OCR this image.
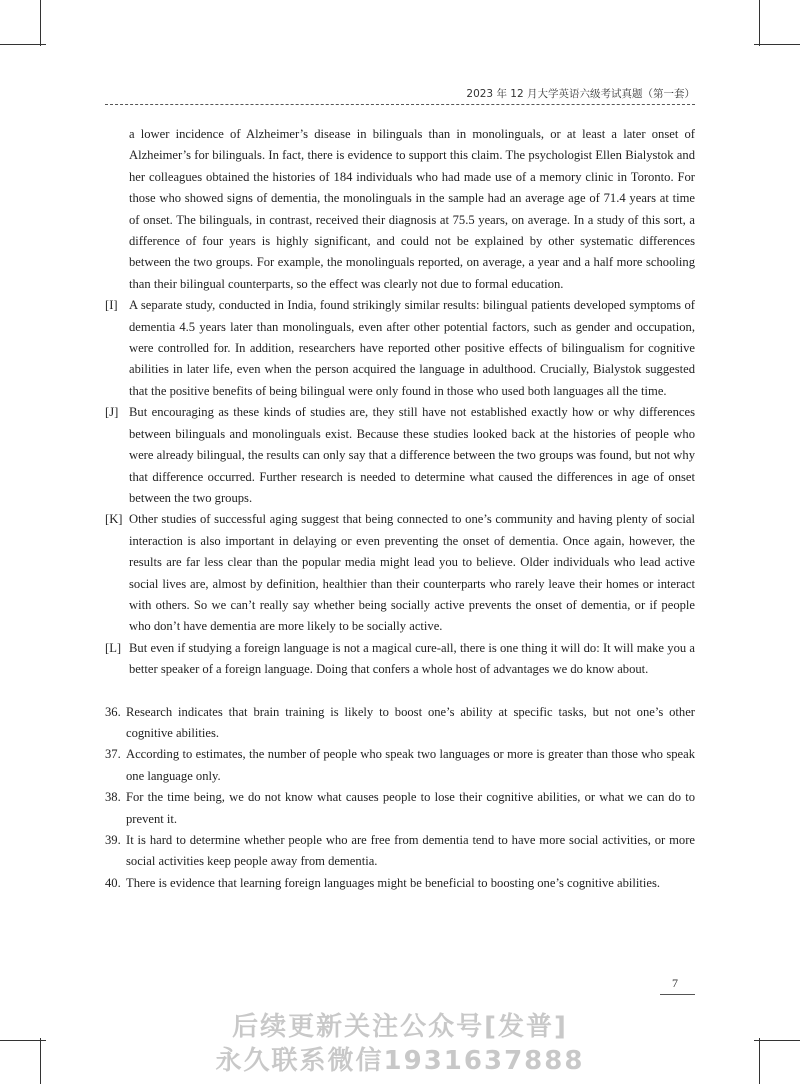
2023 年 12 月大学英语六级考试真题（第一套）

a lower incidence of Alzheimer’s disease in bilinguals than in monolinguals, or at least a later onset of Alzheimer’s for bilinguals. In fact, there is evidence to support this claim. The psychologist Ellen Bialystok and her colleagues obtained the histories of 184 individuals who had made use of a memory clinic in Toronto. For those who showed signs of dementia, the monolinguals in the sample had an average age of 71.4 years at time of onset. The bilinguals, in contrast, received their diagnosis at 75.5 years, on average. In a study of this sort, a difference of four years is highly significant, and could not be explained by other systematic differences between the two groups. For example, the monolinguals reported, on average, a year and a half more schooling than their bilingual counterparts, so the effect was clearly not due to formal education.

[I] A separate study, conducted in India, found strikingly similar results: bilingual patients developed symptoms of dementia 4.5 years later than monolinguals, even after other potential factors, such as gender and occupation, were controlled for. In addition, researchers have reported other positive effects of bilingualism for cognitive abilities in later life, even when the person acquired the language in adulthood. Crucially, Bialystok suggested that the positive benefits of being bilingual were only found in those who used both languages all the time.
[J] But encouraging as these kinds of studies are, they still have not established exactly how or why differences between bilinguals and monolinguals exist. Because these studies looked back at the histories of people who were already bilingual, the results can only say that a difference between the two groups was found, but not why that difference occurred. Further research is needed to determine what caused the differences in age of onset between the two groups.
[K] Other studies of successful aging suggest that being connected to one’s community and having plenty of social interaction is also important in delaying or even preventing the onset of dementia. Once again, however, the results are far less clear than the popular media might lead you to believe. Older individuals who lead active social lives are, almost by definition, healthier than their counterparts who rarely leave their homes or interact with others. So we can’t really say whether being socially active prevents the onset of dementia, or if people who don’t have dementia are more likely to be socially active.
[L] But even if studying a foreign language is not a magical cure-all, there is one thing it will do: It will make you a better speaker of a foreign language. Doing that confers a whole host of advantages we do know about.
36. Research indicates that brain training is likely to boost one’s ability at specific tasks, but not one’s other cognitive abilities.
37. According to estimates, the number of people who speak two languages or more is greater than those who speak one language only.
38. For the time being, we do not know what causes people to lose their cognitive abilities, or what we can do to prevent it.
39. It is hard to determine whether people who are free from dementia tend to have more social activities, or more social activities keep people away from dementia.
40. There is evidence that learning foreign languages might be beneficial to boosting one’s cognitive abilities.
7
后续更新关注公众号[发普]
永久联系微信1931637888
